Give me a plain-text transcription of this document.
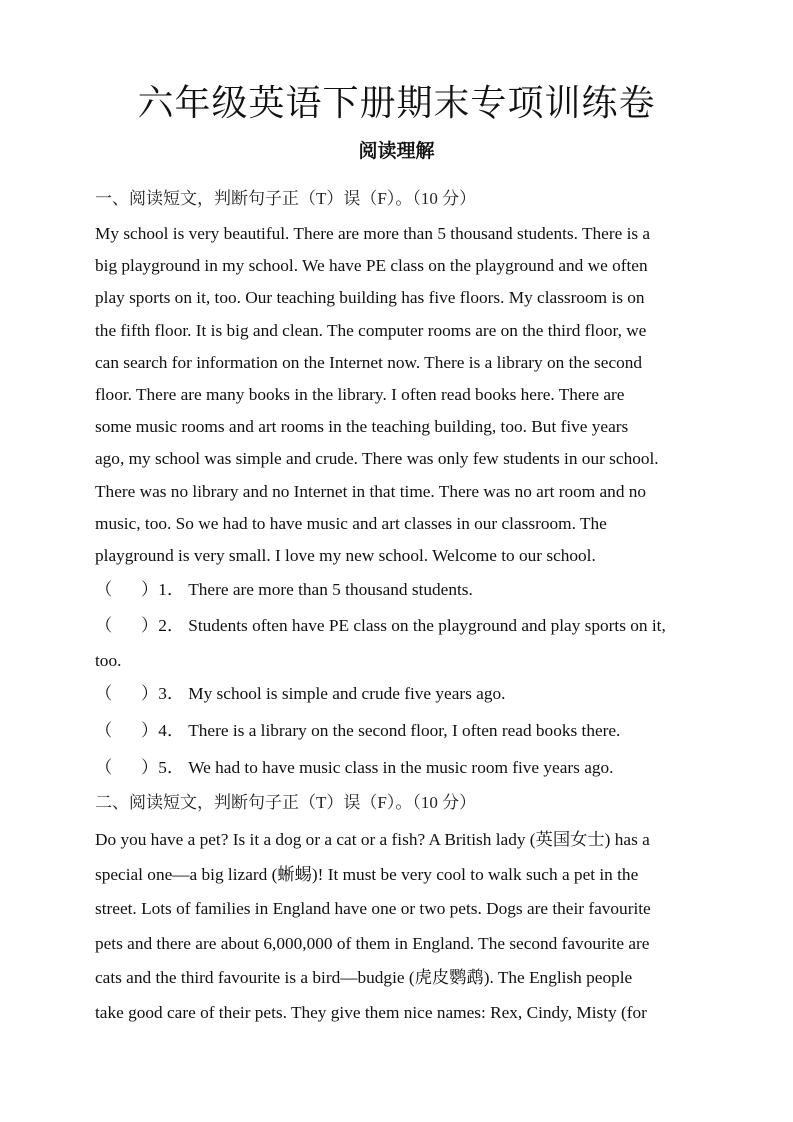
六年级英语下册期末专项训练卷
阅读理解
一、阅读短文，判断句子正（T）误（F）。（10 分）
My school is very beautiful. There are more than 5 thousand students. There is a
big playground in my school. We have PE class on the playground and we often
play sports on it, too. Our teaching building has five floors. My classroom is on
the fifth floor. It is big and clean. The computer rooms are on the third floor, we
can search for information on the Internet now. There is a library on the second
floor. There are many books in the library. I often read books here. There are
some music rooms and art rooms in the teaching building, too. But five years
ago, my school was simple and crude. There was only few students in our school.
There was no library and no Internet in that time. There was no art room and no
music, too. So we had to have music and art classes in our classroom. The
playground is very small. I love my new school. Welcome to our school.
（ ）1． There are more than 5 thousand students.
（ ）2． Students often have PE class on the playground and play sports on it,
too.
（ ）3． My school is simple and crude five years ago.
（ ）4． There is a library on the second floor, I often read books there.
（ ）5． We had to have music class in the music room five years ago.
二、阅读短文，判断句子正（T）误（F）。（10 分）
Do you have a pet? Is it a dog or a cat or a fish? A British lady (英国女士) has a
special one—a big lizard (蜥蜴)! It must be very cool to walk such a pet in the
street. Lots of families in England have one or two pets. Dogs are their favourite
pets and there are about 6,000,000 of them in England. The second favourite are
cats and the third favourite is a bird—budgie (虎皮鹦鹉). The English people
take good care of their pets. They give them nice names: Rex, Cindy, Misty (for
